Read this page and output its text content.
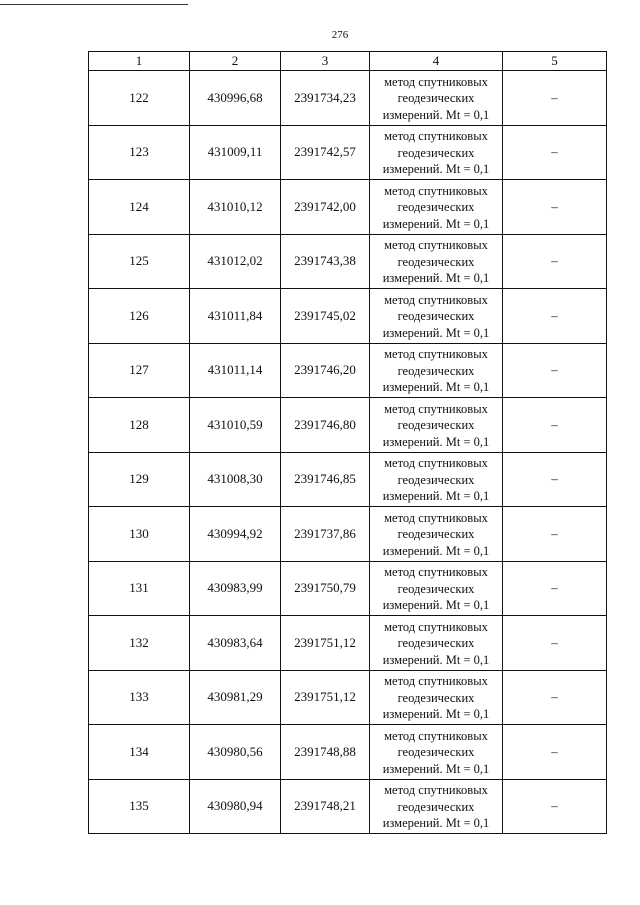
276
1	2	3	4	5
122	430996,68	2391734,23	метод спутниковых
геодезических
измерений. Mt = 0,1	–
123	431009,11	2391742,57	метод спутниковых
геодезических
измерений. Mt = 0,1	–
124	431010,12	2391742,00	метод спутниковых
геодезических
измерений. Mt = 0,1	–
125	431012,02	2391743,38	метод спутниковых
геодезических
измерений. Mt = 0,1	–
126	431011,84	2391745,02	метод спутниковых
геодезических
измерений. Mt = 0,1	–
127	431011,14	2391746,20	метод спутниковых
геодезических
измерений. Mt = 0,1	–
128	431010,59	2391746,80	метод спутниковых
геодезических
измерений. Mt = 0,1	–
129	431008,30	2391746,85	метод спутниковых
геодезических
измерений. Mt = 0,1	–
130	430994,92	2391737,86	метод спутниковых
геодезических
измерений. Mt = 0,1	–
131	430983,99	2391750,79	метод спутниковых
геодезических
измерений. Mt = 0,1	–
132	430983,64	2391751,12	метод спутниковых
геодезических
измерений. Mt = 0,1	–
133	430981,29	2391751,12	метод спутниковых
геодезических
измерений. Mt = 0,1	–
134	430980,56	2391748,88	метод спутниковых
геодезических
измерений. Mt = 0,1	–
135	430980,94	2391748,21	метод спутниковых
геодезических
измерений. Mt = 0,1	–
